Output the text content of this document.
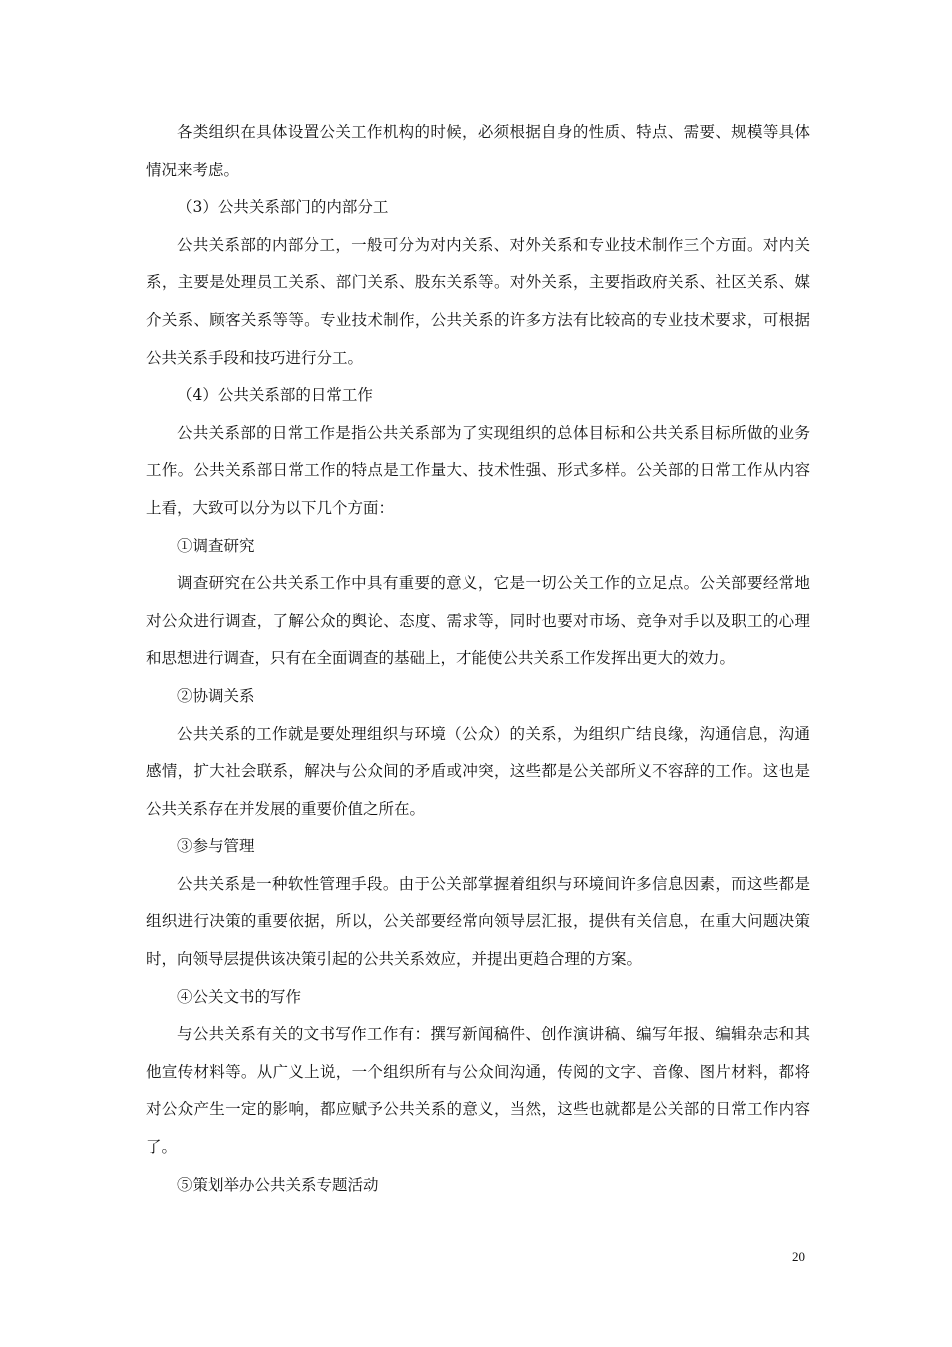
各类组织在具体设置公关工作机构的时候，必须根据自身的性质、特点、需要、规模等具体情况来考虑。

（3）公共关系部门的内部分工

公共关系部的内部分工，一般可分为对内关系、对外关系和专业技术制作三个方面。对内关系，主要是处理员工关系、部门关系、股东关系等。对外关系，主要指政府关系、社区关系、媒介关系、顾客关系等等。专业技术制作，公共关系的许多方法有比较高的专业技术要求，可根据公共关系手段和技巧进行分工。

（4）公共关系部的日常工作

公共关系部的日常工作是指公共关系部为了实现组织的总体目标和公共关系目标所做的业务工作。公共关系部日常工作的特点是工作量大、技术性强、形式多样。公关部的日常工作从内容上看，大致可以分为以下几个方面：

①调查研究

调查研究在公共关系工作中具有重要的意义，它是一切公关工作的立足点。公关部要经常地对公众进行调查，了解公众的舆论、态度、需求等，同时也要对市场、竞争对手以及职工的心理和思想进行调查，只有在全面调查的基础上，才能使公共关系工作发挥出更大的效力。

②协调关系

公共关系的工作就是要处理组织与环境（公众）的关系，为组织广结良缘，沟通信息，沟通感情，扩大社会联系，解决与公众间的矛盾或冲突，这些都是公关部所义不容辞的工作。这也是公共关系存在并发展的重要价值之所在。

③参与管理

公共关系是一种软性管理手段。由于公关部掌握着组织与环境间许多信息因素，而这些都是组织进行决策的重要依据，所以，公关部要经常向领导层汇报，提供有关信息，在重大问题决策时，向领导层提供该决策引起的公共关系效应，并提出更趋合理的方案。

④公关文书的写作

与公共关系有关的文书写作工作有：撰写新闻稿件、创作演讲稿、编写年报、编辑杂志和其他宣传材料等。从广义上说，一个组织所有与公众间沟通，传阅的文字、音像、图片材料，都将对公众产生一定的影响，都应赋予公共关系的意义，当然，这些也就都是公关部的日常工作内容了。

⑤策划举办公共关系专题活动

20
